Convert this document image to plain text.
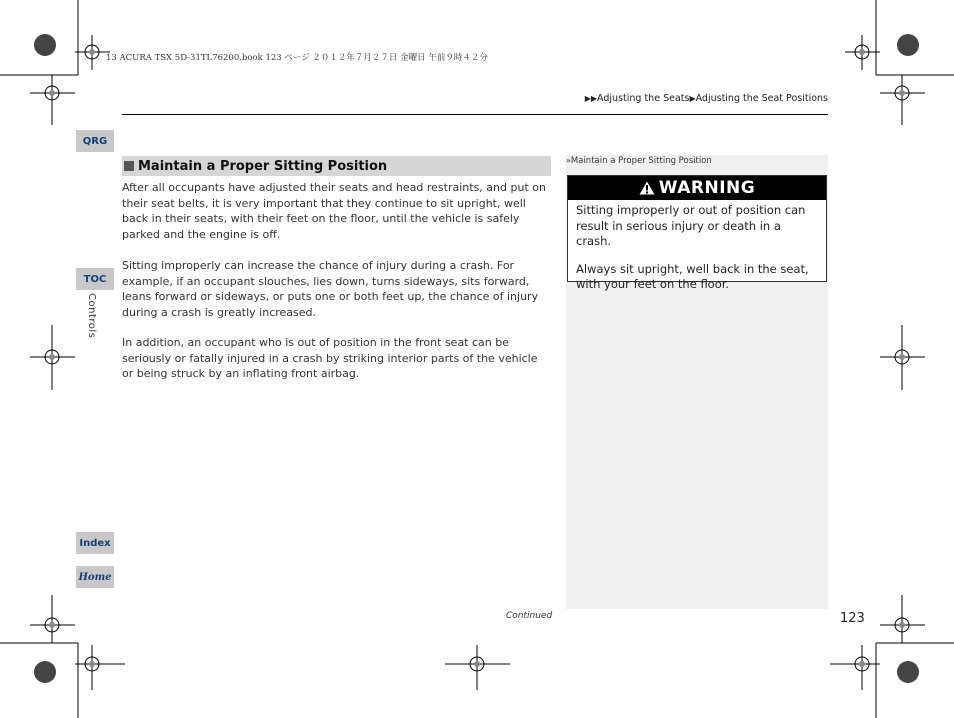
13 ACURA TSX 5D-31TL76200.book 123 ページ ２０１２年７月２７日 金曜日 午前９時４２分
▶▶Adjusting the Seats▶Adjusting the Seat Positions
QRG
TOC
Controls
Index
Home
Maintain a Proper Sitting Position
After all occupants have adjusted their seats and head restraints, and put on their seat belts, it is very important that they continue to sit upright, well back in their seats, with their feet on the floor, until the vehicle is safely parked and the engine is off.
Sitting improperly can increase the chance of injury during a crash. For example, if an occupant slouches, lies down, turns sideways, sits forward, leans forward or sideways, or puts one or both feet up, the chance of injury during a crash is greatly increased.
In addition, an occupant who is out of position in the front seat can be seriously or fatally injured in a crash by striking interior parts of the vehicle or being struck by an inflating front airbag.
»Maintain a Proper Sitting Position
WARNING

Sitting improperly or out of position can result in serious injury or death in a crash.

Always sit upright, well back in the seat, with your feet on the floor.

Continued	123
